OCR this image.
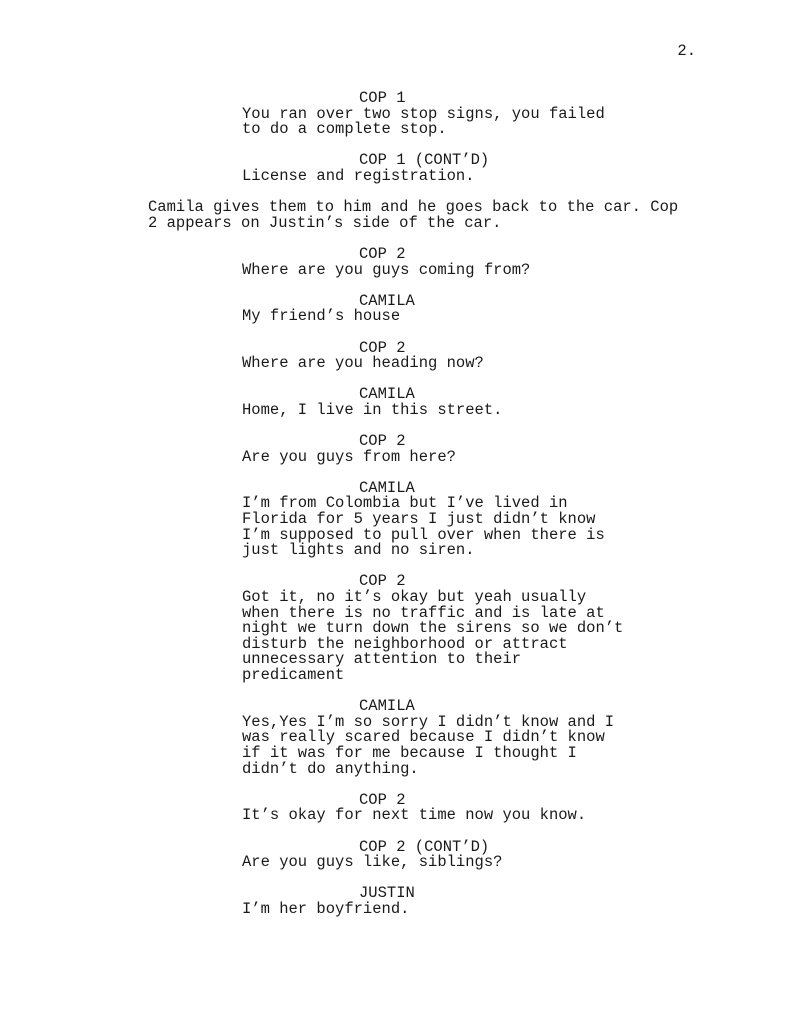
2.
COP 1
You ran over two stop signs, you failed
to do a complete stop.
COP 1 (CONT’D)
License and registration.
Camila gives them to him and he goes back to the car. Cop
2 appears on Justin’s side of the car.
COP 2
Where are you guys coming from?
CAMILA
My friend’s house
COP 2
Where are you heading now?
CAMILA
Home, I live in this street.
COP 2
Are you guys from here?
CAMILA
I’m from Colombia but I’ve lived in
Florida for 5 years I just didn’t know
I’m supposed to pull over when there is
just lights and no siren.
COP 2
Got it, no it’s okay but yeah usually
when there is no traffic and is late at
night we turn down the sirens so we don’t
disturb the neighborhood or attract
unnecessary attention to their
predicament
CAMILA
Yes,Yes I’m so sorry I didn’t know and I
was really scared because I didn’t know
if it was for me because I thought I
didn’t do anything.
COP 2
It’s okay for next time now you know.
COP 2 (CONT’D)
Are you guys like, siblings?
JUSTIN
I’m her boyfriend.
